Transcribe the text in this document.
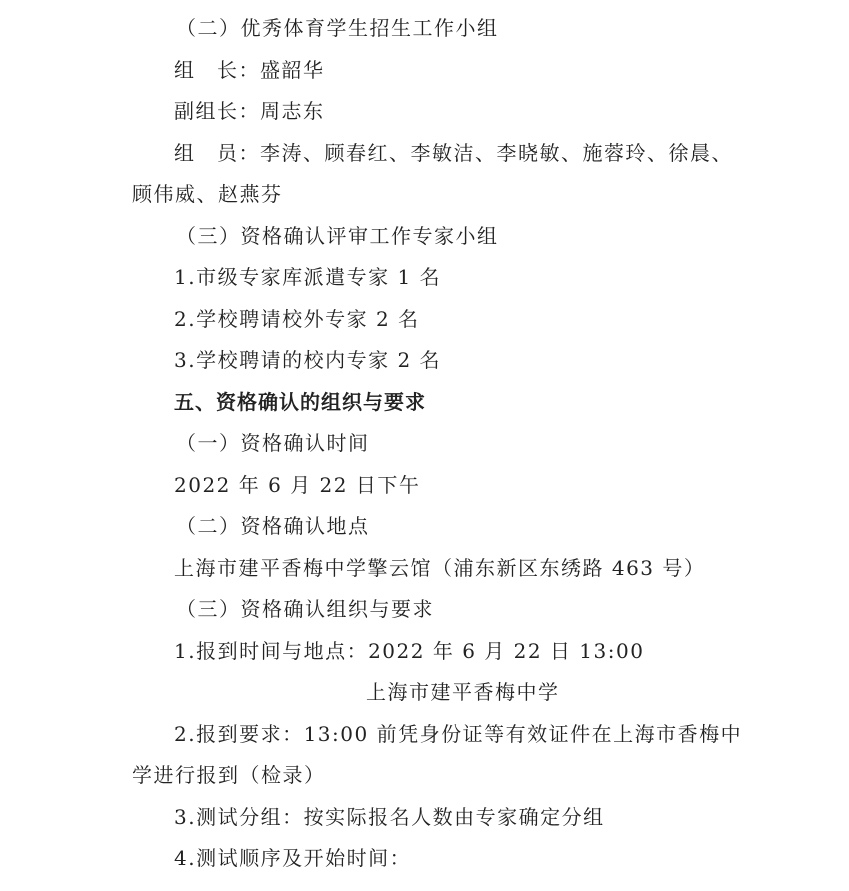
（二）优秀体育学生招生工作小组
组　长：盛韶华
副组长：周志东
组　员：李涛、顾春红、李敏洁、李晓敏、施蓉玲、徐晨、
顾伟威、赵燕芬
（三）资格确认评审工作专家小组
1.市级专家库派遣专家 1 名
2.学校聘请校外专家 2 名
3.学校聘请的校内专家 2 名
五、资格确认的组织与要求
（一）资格确认时间
2022 年 6 月 22 日下午
（二）资格确认地点
上海市建平香梅中学擎云馆（浦东新区东绣路 463 号）
（三）资格确认组织与要求
1.报到时间与地点：2022 年 6 月 22 日 13:00
上海市建平香梅中学
2.报到要求：13:00 前凭身份证等有效证件在上海市香梅中
学进行报到（检录）
3.测试分组：按实际报名人数由专家确定分组
4.测试顺序及开始时间：
